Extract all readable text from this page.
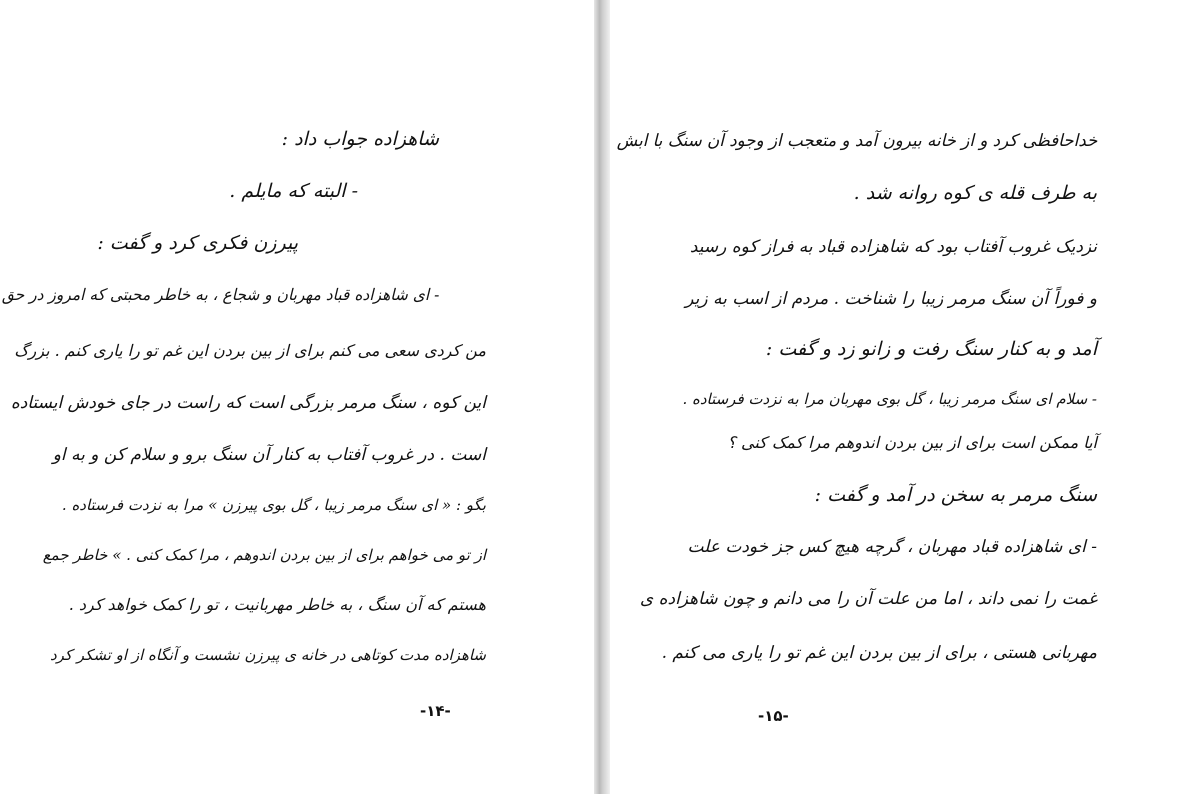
شاهزاده جواب داد :
- البته که مایلم .
پیرزن فکری کرد و گفت :
- ای شاهزاده قباد مهربان و شجاع ، به خاطر محبتی که امروز در حق
من کردی سعی می کنم برای از بین بردن این غم تو را یاری کنم . بزرگ
این کوه ، سنگ مرمر بزرگی است که راست در جای خودش ایستاده
است . در غروب آفتاب به کنار آن سنگ برو و سلام کن و به او
بگو : « ای سنگ مرمر زیبا ، گل بوی پیرزن » مرا به نزدت فرستاده .
از تو می خواهم برای از بین بردن اندوهم ، مرا کمک کنی . » خاطر جمع
هستم که آن سنگ ، به خاطر مهربانیت ، تو را کمک خواهد کرد .
شاهزاده مدت کوتاهی در خانه ی پیرزن نشست و آنگاه از او تشکر کرد
-۱۴-
خداحافظی کرد و از خانه بیرون آمد و متعجب از وجود آن سنگ با ابش
به طرف قله ی کوه روانه شد .
نزدیک غروب آفتاب بود که شاهزاده قباد به فراز کوه رسید
و فوراً آن سنگ مرمر زیبا را شناخت . مردم از اسب به زیر
آمد و به کنار سنگ رفت و زانو زد و گفت :
- سلام ای سنگ مرمر زیبا ، گل بوی مهربان مرا به نزدت فرستاده .
آیا ممکن است برای از بین بردن اندوهم مرا کمک کنی ؟
سنگ مرمر به سخن در آمد و گفت :
- ای شاهزاده قباد مهربان ، گرچه هیچ کس جز خودت علت
غمت را نمی داند ، اما من علت آن را می دانم و چون شاهزاده ی
مهربانی هستی ، برای از بین بردن این غم تو را یاری می کنم .
-۱۵-
